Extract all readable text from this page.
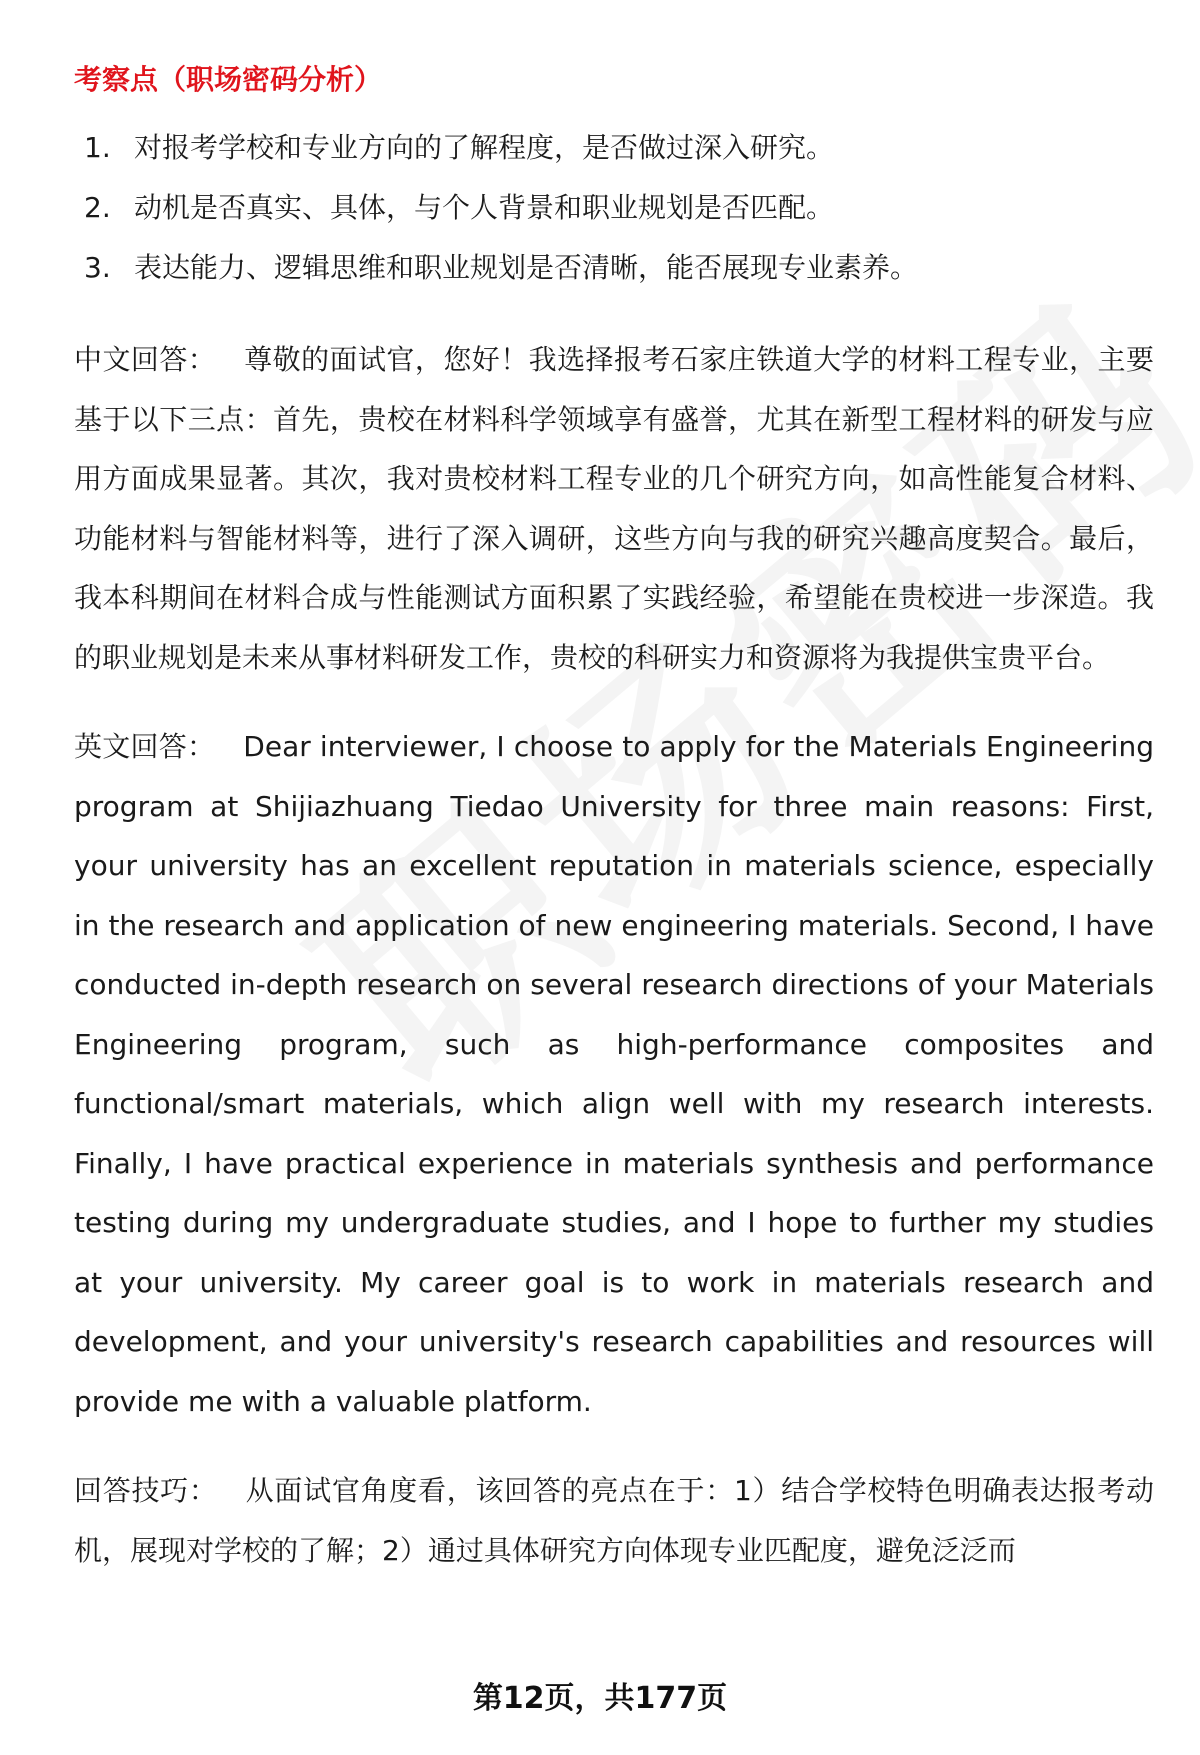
考察点（职场密码分析）
1. 对报考学校和专业方向的了解程度，是否做过深入研究。
2. 动机是否真实、具体，与个人背景和职业规划是否匹配。
3. 表达能力、逻辑思维和职业规划是否清晰，能否展现专业素养。

中文回答： 尊敬的面试官，您好！我选择报考石家庄铁道大学的材料工程专业，主要基于以下三点：首先，贵校在材料科学领域享有盛誉，尤其在新型工程材料的研发与应用方面成果显著。其次，我对贵校材料工程专业的几个研究方向，如高性能复合材料、功能材料与智能材料等，进行了深入调研，这些方向与我的研究兴趣高度契合。最后，我本科期间在材料合成与性能测试方面积累了实践经验，希望能在贵校进一步深造。我的职业规划是未来从事材料研发工作，贵校的科研实力和资源将为我提供宝贵平台。

英文回答： Dear interviewer, I choose to apply for the Materials Engineering program at Shijiazhuang Tiedao University for three main reasons: First, your university has an excellent reputation in materials science, especially in the research and application of new engineering materials. Second, I have conducted in-depth research on several research directions of your Materials Engineering program, such as high-performance composites and functional/smart materials, which align well with my research interests. Finally, I have practical experience in materials synthesis and performance testing during my undergraduate studies, and I hope to further my studies at your university. My career goal is to work in materials research and development, and your university's research capabilities and resources will provide me with a valuable platform.

回答技巧： 从面试官角度看，该回答的亮点在于：1）结合学校特色明确表达报考动机，展现对学校的了解；2）通过具体研究方向体现专业匹配度，避免泛泛而

第12页，共177页
